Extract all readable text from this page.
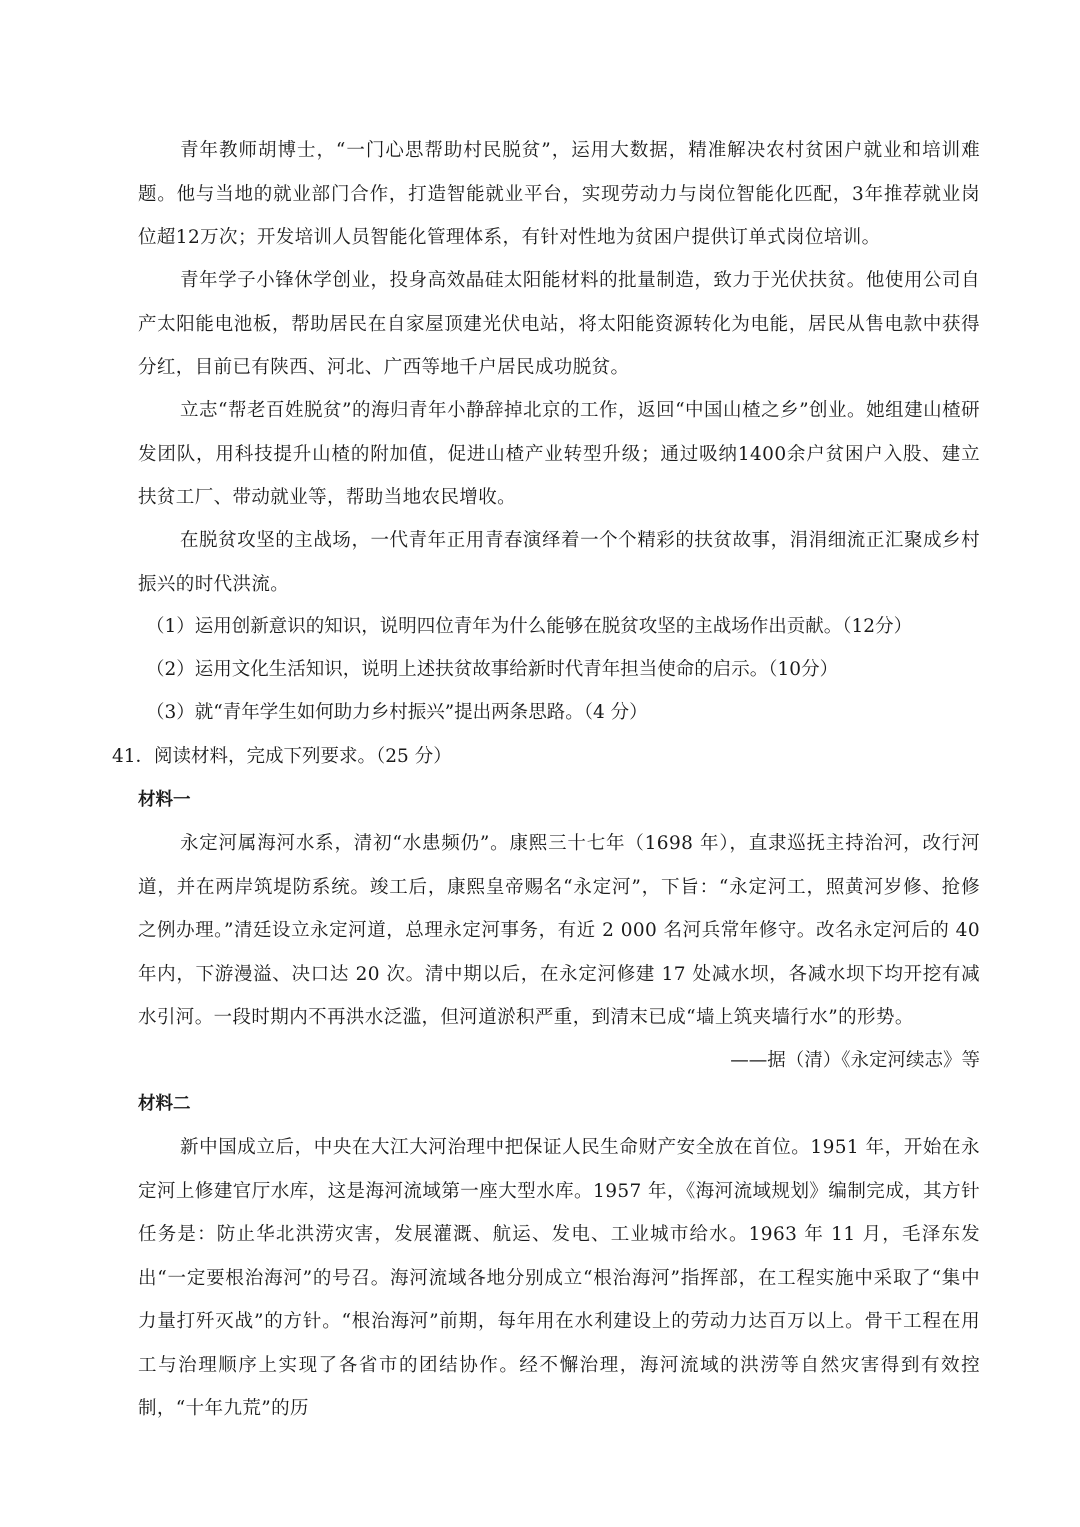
青年教师胡博士，“一门心思帮助村民脱贫”，运用大数据，精准解决农村贫困户就业和培训难题。他与当地的就业部门合作，打造智能就业平台，实现劳动力与岗位智能化匹配，3年推荐就业岗位超12万次；开发培训人员智能化管理体系，有针对性地为贫困户提供订单式岗位培训。

青年学子小锋休学创业，投身高效晶硅太阳能材料的批量制造，致力于光伏扶贫。他使用公司自产太阳能电池板，帮助居民在自家屋顶建光伏电站，将太阳能资源转化为电能，居民从售电款中获得分红，目前已有陕西、河北、广西等地千户居民成功脱贫。

立志“帮老百姓脱贫”的海归青年小静辞掉北京的工作，返回“中国山楂之乡”创业。她组建山楂研发团队，用科技提升山楂的附加值，促进山楂产业转型升级；通过吸纳1400余户贫困户入股、建立扶贫工厂、带动就业等，帮助当地农民增收。

在脱贫攻坚的主战场，一代青年正用青春演绎着一个个精彩的扶贫故事，涓涓细流正汇聚成乡村振兴的时代洪流。

（1）运用创新意识的知识，说明四位青年为什么能够在脱贫攻坚的主战场作出贡献。（12分）

（2）运用文化生活知识，说明上述扶贫故事给新时代青年担当使命的启示。（10分）

（3）就“青年学生如何助力乡村振兴”提出两条思路。（4 分）

41．阅读材料，完成下列要求。（25 分）

材料一

永定河属海河水系，清初“水患频仍”。康熙三十七年（1698 年），直隶巡抚主持治河，改行河道，并在两岸筑堤防系统。竣工后，康熙皇帝赐名“永定河”，下旨：“永定河工，照黄河岁修、抢修之例办理。”清廷设立永定河道，总理永定河事务，有近 2 000 名河兵常年修守。改名永定河后的 40 年内，下游漫溢、决口达 20 次。清中期以后，在永定河修建 17 处减水坝，各减水坝下均开挖有减水引河。一段时期内不再洪水泛滥，但河道淤积严重，到清末已成“墙上筑夹墙行水”的形势。

——据（清）《永定河续志》等

材料二

新中国成立后，中央在大江大河治理中把保证人民生命财产安全放在首位。1951 年，开始在永定河上修建官厅水库，这是海河流域第一座大型水库。1957 年，《海河流域规划》编制完成，其方针任务是：防止华北洪涝灾害，发展灌溉、航运、发电、工业城市给水。1963 年 11 月，毛泽东发出“一定要根治海河”的号召。海河流域各地分别成立“根治海河”指挥部，在工程实施中采取了“集中力量打歼灭战”的方针。“根治海河”前期，每年用在水利建设上的劳动力达百万以上。骨干工程在用工与治理顺序上实现了各省市的团结协作。经不懈治理，海河流域的洪涝等自然灾害得到有效控制，“十年九荒”的历
